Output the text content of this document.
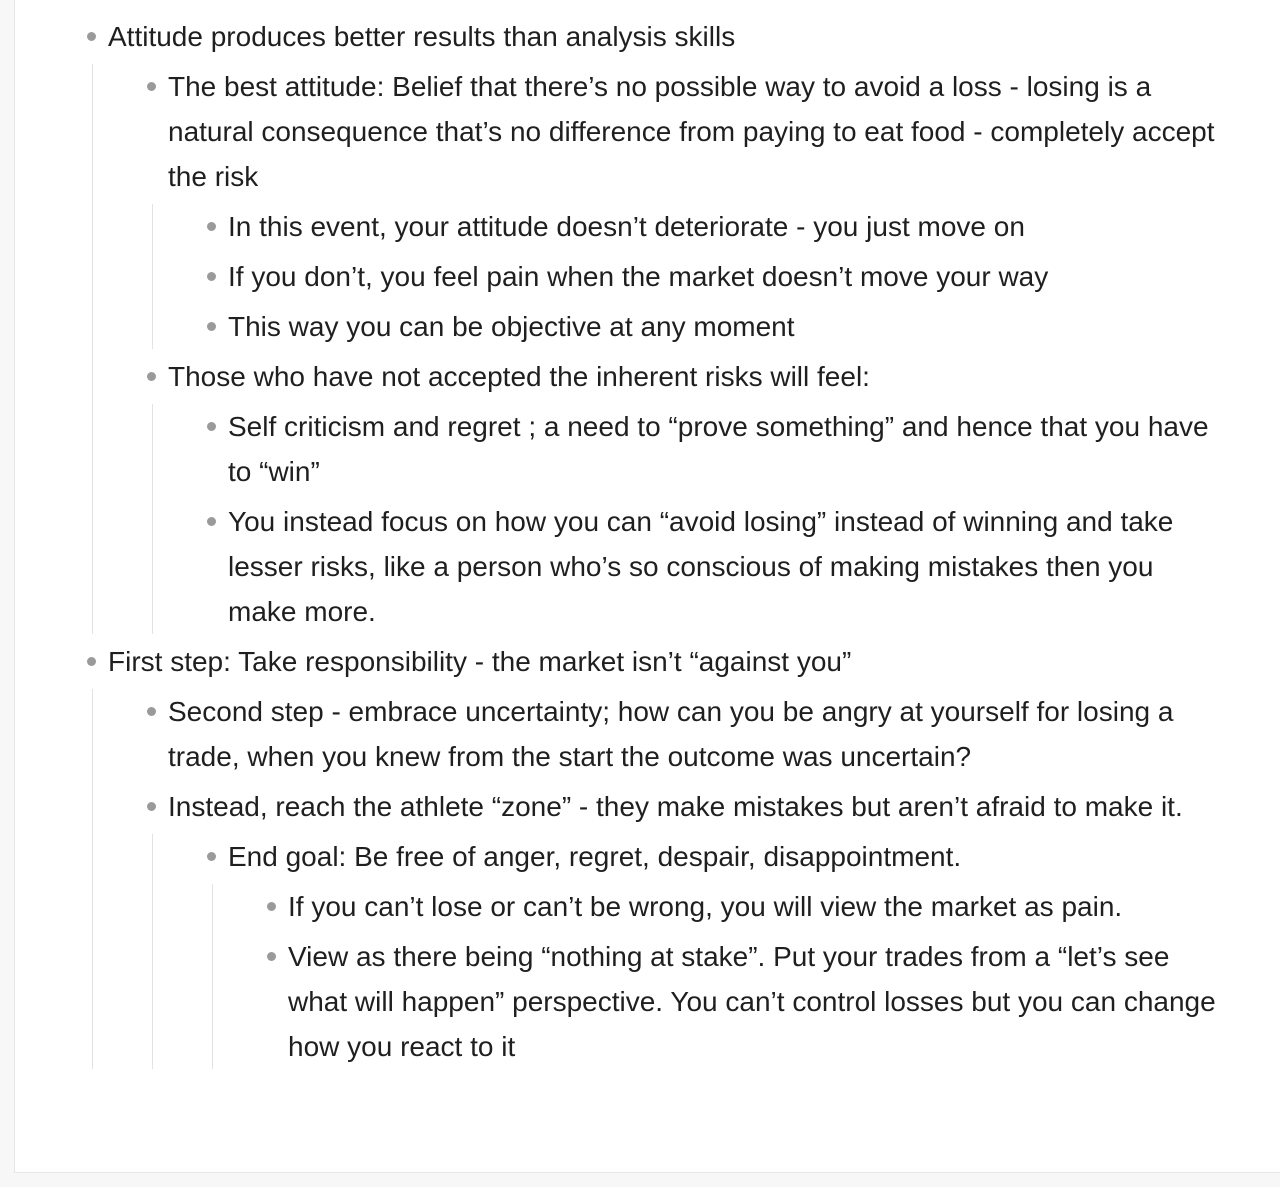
Attitude produces better results than analysis skills
The best attitude: Belief that there’s no possible way to avoid a loss - losing is a natural consequence that’s no difference from paying to eat food - completely accept the risk
In this event, your attitude doesn’t deteriorate - you just move on
If you don’t, you feel pain when the market doesn’t move your way
This way you can be objective at any moment
Those who have not accepted the inherent risks will feel:
Self criticism and regret ; a need to “prove something” and hence that you have to “win”
You instead focus on how you can “avoid losing” instead of winning and take lesser risks, like a person who’s so conscious of making mistakes then you make more.
First step: Take responsibility - the market isn’t “against you”
Second step - embrace uncertainty; how can you be angry at yourself for losing a trade, when you knew from the start the outcome was uncertain?
Instead, reach the athlete “zone” - they make mistakes but aren’t afraid to make it.
End goal: Be free of anger, regret, despair, disappointment.
If you can’t lose or can’t be wrong, you will view the market as pain.
View as there being “nothing at stake”. Put your trades from a “let’s see what will happen” perspective. You can’t control losses but you can change how you react to it
